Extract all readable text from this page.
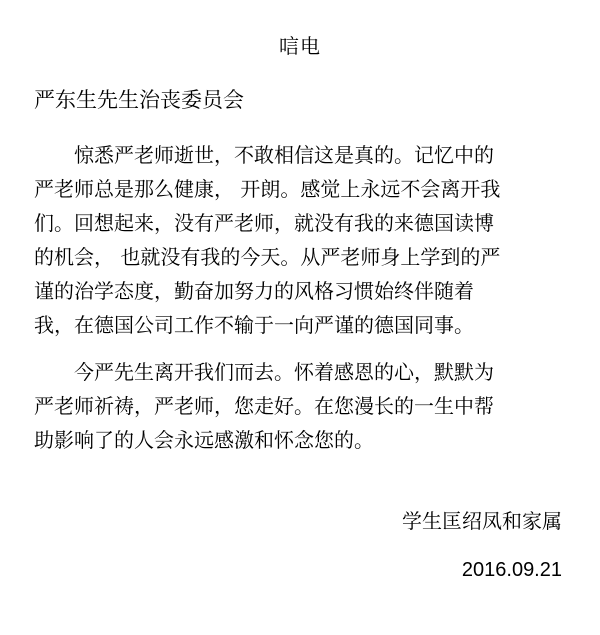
唁电
严东生先生治丧委员会
　　惊悉严老师逝世，不敢相信这是真的。记忆中的
严老师总是那么健康， 开朗。感觉上永远不会离开我
们。回想起来，没有严老师，就没有我的来德国读博
的机会， 也就没有我的今天。从严老师身上学到的严
谨的治学态度，勤奋加努力的风格习惯始终伴随着
我，在德国公司工作不输于一向严谨的德国同事。
　　今严先生离开我们而去。怀着感恩的心，默默为
严老师祈祷，严老师，您走好。在您漫长的一生中帮
助影响了的人会永远感激和怀念您的。
学生匡绍凤和家属
2016.09.21
